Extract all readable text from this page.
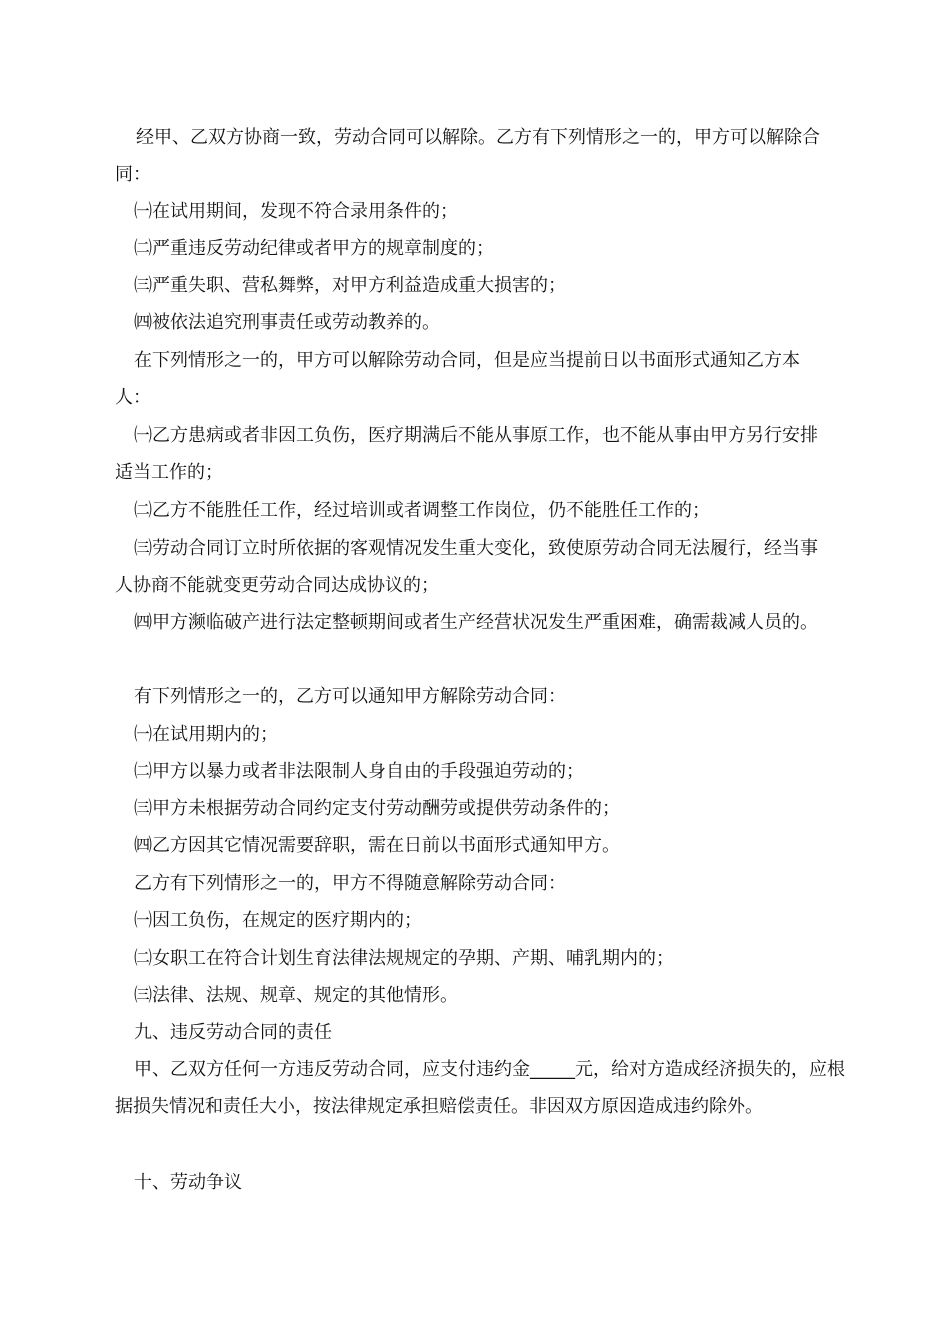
经甲、乙双方协商一致，劳动合同可以解除。乙方有下列情形之一的，甲方可以解除合同：

㈠在试用期间，发现不符合录用条件的；

㈡严重违反劳动纪律或者甲方的规章制度的；

㈢严重失职、营私舞弊，对甲方利益造成重大损害的；

㈣被依法追究刑事责任或劳动教养的。

在下列情形之一的，甲方可以解除劳动合同，但是应当提前日以书面形式通知乙方本人：

㈠乙方患病或者非因工负伤，医疗期满后不能从事原工作，也不能从事由甲方另行安排适当工作的；

㈡乙方不能胜任工作，经过培训或者调整工作岗位，仍不能胜任工作的；

㈢劳动合同订立时所依据的客观情况发生重大变化，致使原劳动合同无法履行，经当事人协商不能就变更劳动合同达成协议的；

㈣甲方濒临破产进行法定整顿期间或者生产经营状况发生严重困难，确需裁减人员的。

有下列情形之一的，乙方可以通知甲方解除劳动合同：

㈠在试用期内的；

㈡甲方以暴力或者非法限制人身自由的手段强迫劳动的；

㈢甲方未根据劳动合同约定支付劳动酬劳或提供劳动条件的；

㈣乙方因其它情况需要辞职，需在日前以书面形式通知甲方。

乙方有下列情形之一的，甲方不得随意解除劳动合同：

㈠因工负伤，在规定的医疗期内的；

㈡女职工在符合计划生育法律法规规定的孕期、产期、哺乳期内的；

㈢法律、法规、规章、规定的其他情形。

九、违反劳动合同的责任

甲、乙双方任何一方违反劳动合同，应支付违约金_____元，给对方造成经济损失的，应根据损失情况和责任大小，按法律规定承担赔偿责任。非因双方原因造成违约除外。

十、劳动争议
